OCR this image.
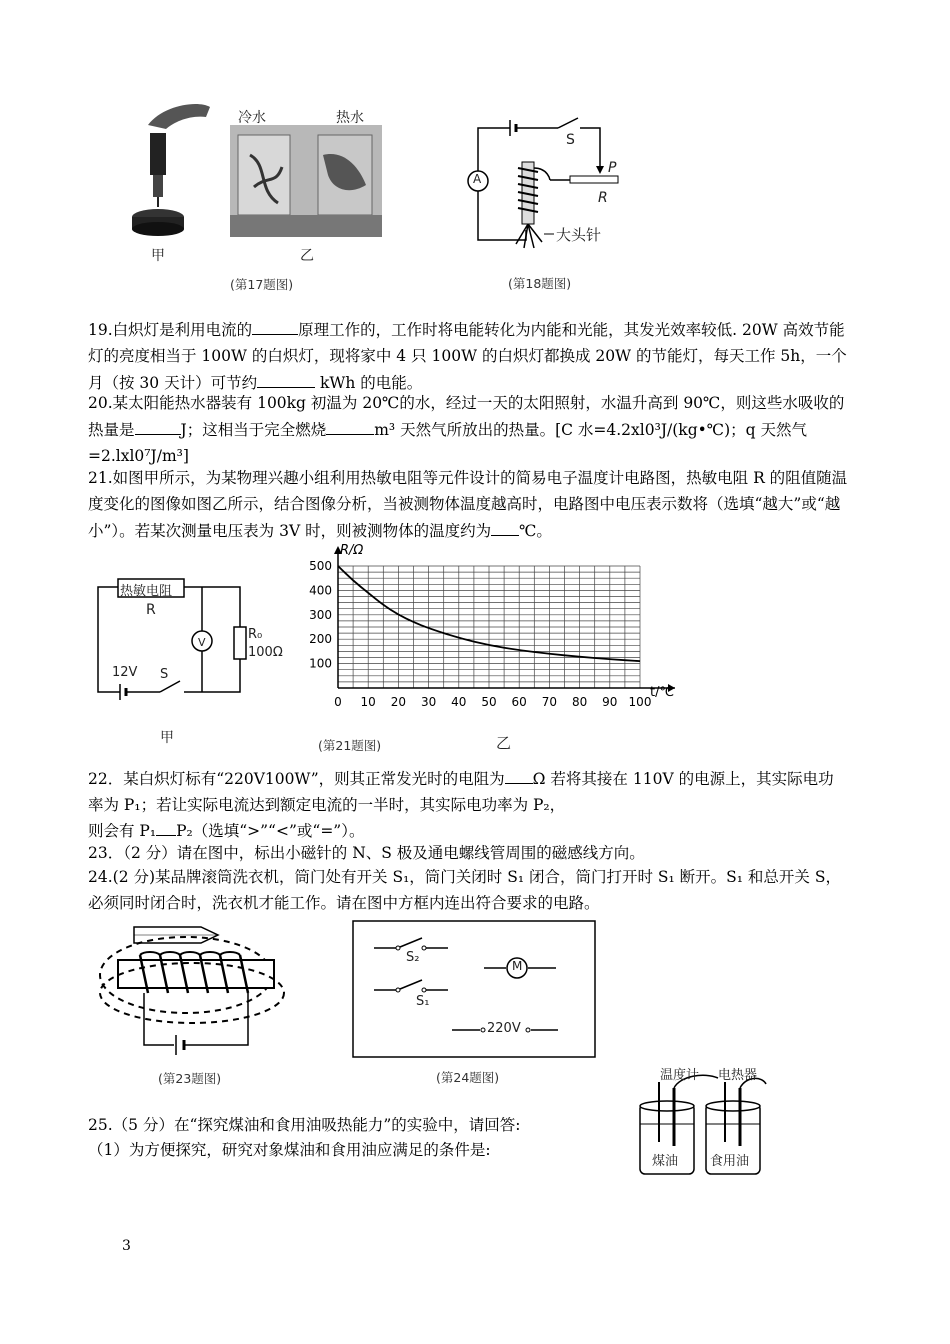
冷水	热水
甲	乙
(第17题图)
S
A
P
R
大头针
(第18题图)
19.白炽灯是利用电流的	原理工作的，工作时将电能转化为内能和光能，其发光效率较低. 20W 高效节能灯的亮度相当于 100W 的白炽灯，现将家中 4 只 100W 的白炽灯都换成 20W 的节能灯，每天工作 5h，一个月（按 30 天计）可节约	kWh 的电能。
20.某太阳能热水器装有 100kg 初温为 20℃的水，经过一天的太阳照射，水温升高到 90℃，则这些水吸收的热量是	J；这相当于完全燃烧	m³ 天然气所放出的热量。[C 水=4.2xl0³J/(kg•℃)；q 天然气 =2.lxl0⁷J/m³]
21.如图甲所示，为某物理兴趣小组利用热敏电阻等元件设计的简易电子温度计电路图，热敏电阻 R 的阻值随温度变化的图像如图乙所示，结合图像分析，当被测物体温度越高时，电路图中电压表示数将（选填“越大”或“越小”）。若某次测量电压表为 3V 时，则被测物体的温度约为 ℃。
热敏电阻
R
V
R₀
100Ω
12V S
甲
0 10 20 30 40 50 60 70 80 90 100
100
200
300
400
500
R/Ω
t/℃
(第21题图)	乙
22．某白炽灯标有“220V100W”，则其正常发光时的电阻为 Ω 若将其接在 110V 的电源上，其实际电功率为 P₁；若让实际电流达到额定电流的一半时，其实际电功率为 P₂，
则会有 P₁ P₂（选填“>”“<”或“=”）。
23．（2 分）请在图中，标出小磁针的 N、S 极及通电螺线管周围的磁感线方向。
24.(2 分)某品牌滚筒洗衣机，筒门处有开关 S₁，筒门关闭时 S₁ 闭合，筒门打开时 S₁ 断开。S₁ 和总开关 S，必须同时闭合时，洗衣机才能工作。请在图中方框内连出符合要求的电路。
(第23题图)
S₂
M
S₁
220V
(第24题图)	温度计 电热器
煤油 食用油
25.（5 分）在“探究煤油和食用油吸热能力”的实验中，请回答:
（1）为方便探究，研究对象煤油和食用油应满足的条件是:
3
